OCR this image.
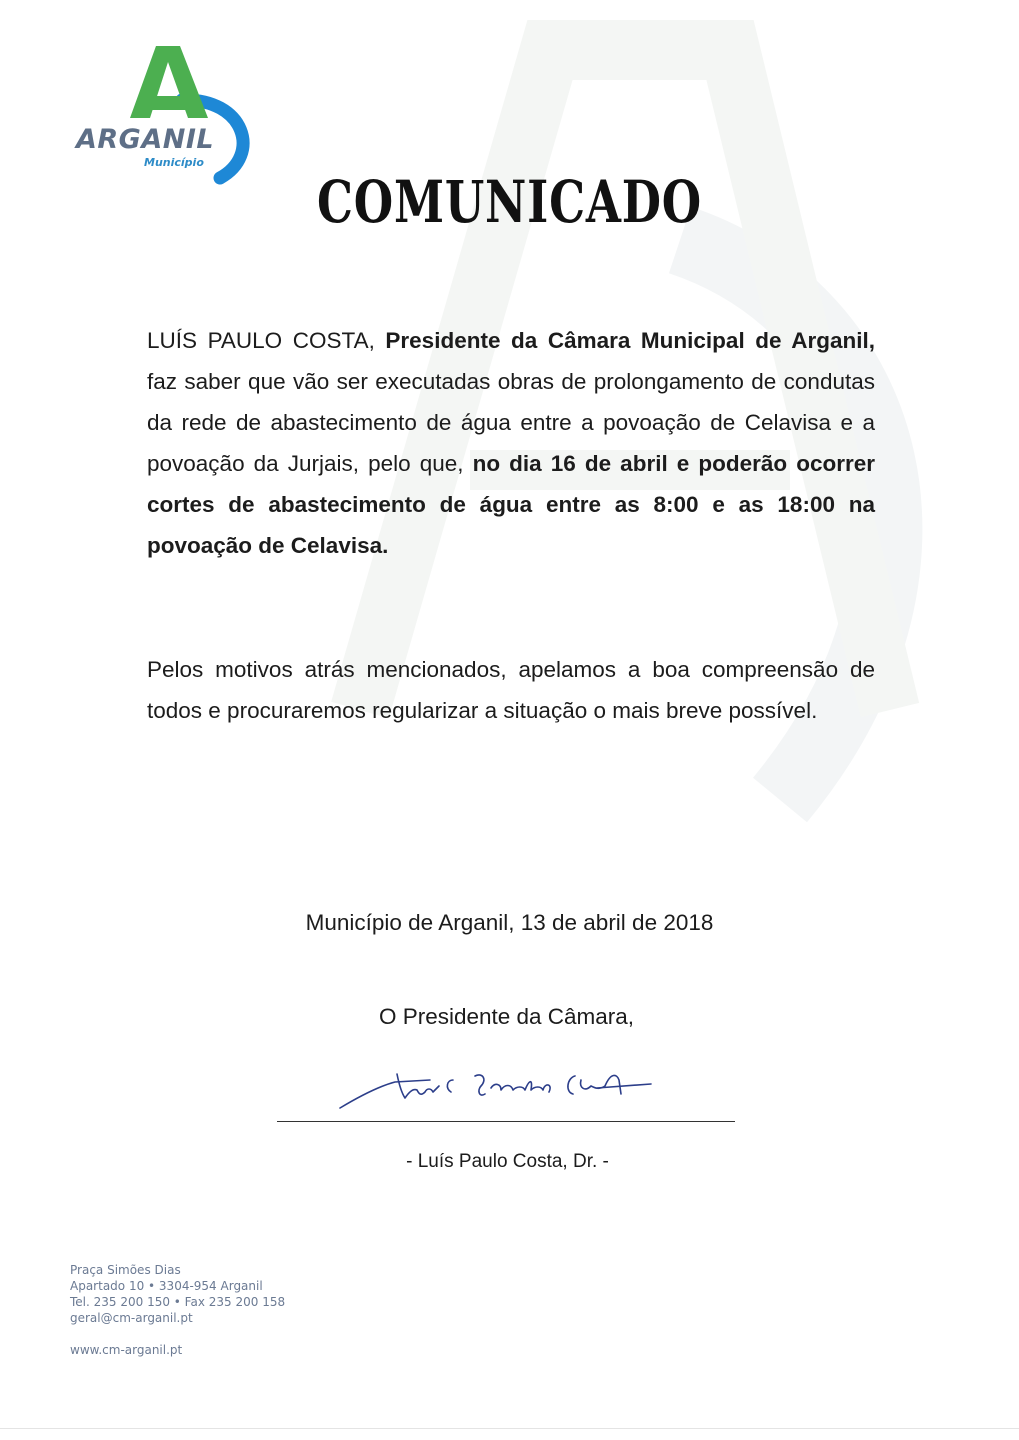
ARGANIL
Município
COMUNICADO
LUÍS PAULO COSTA, Presidente da Câmara Municipal de Arganil, faz saber que vão ser executadas obras de prolongamento de condutas da rede de abastecimento de água entre a povoação de Celavisa e a povoação da Jurjais, pelo que, no dia 16 de abril e poderão ocorrer cortes de abastecimento de água entre as 8:00 e as 18:00 na povoação de Celavisa.
Pelos motivos atrás mencionados, apelamos a boa compreensão de todos e procuraremos regularizar a situação o mais breve possível.
Município de Arganil, 13 de abril de 2018
O Presidente da Câmara,
- Luís Paulo Costa, Dr. -
Praça Simões Dias
Apartado 10 • 3304-954 Arganil
Tel. 235 200 150 • Fax 235 200 158
geral@cm-arganil.pt
www.cm-arganil.pt
